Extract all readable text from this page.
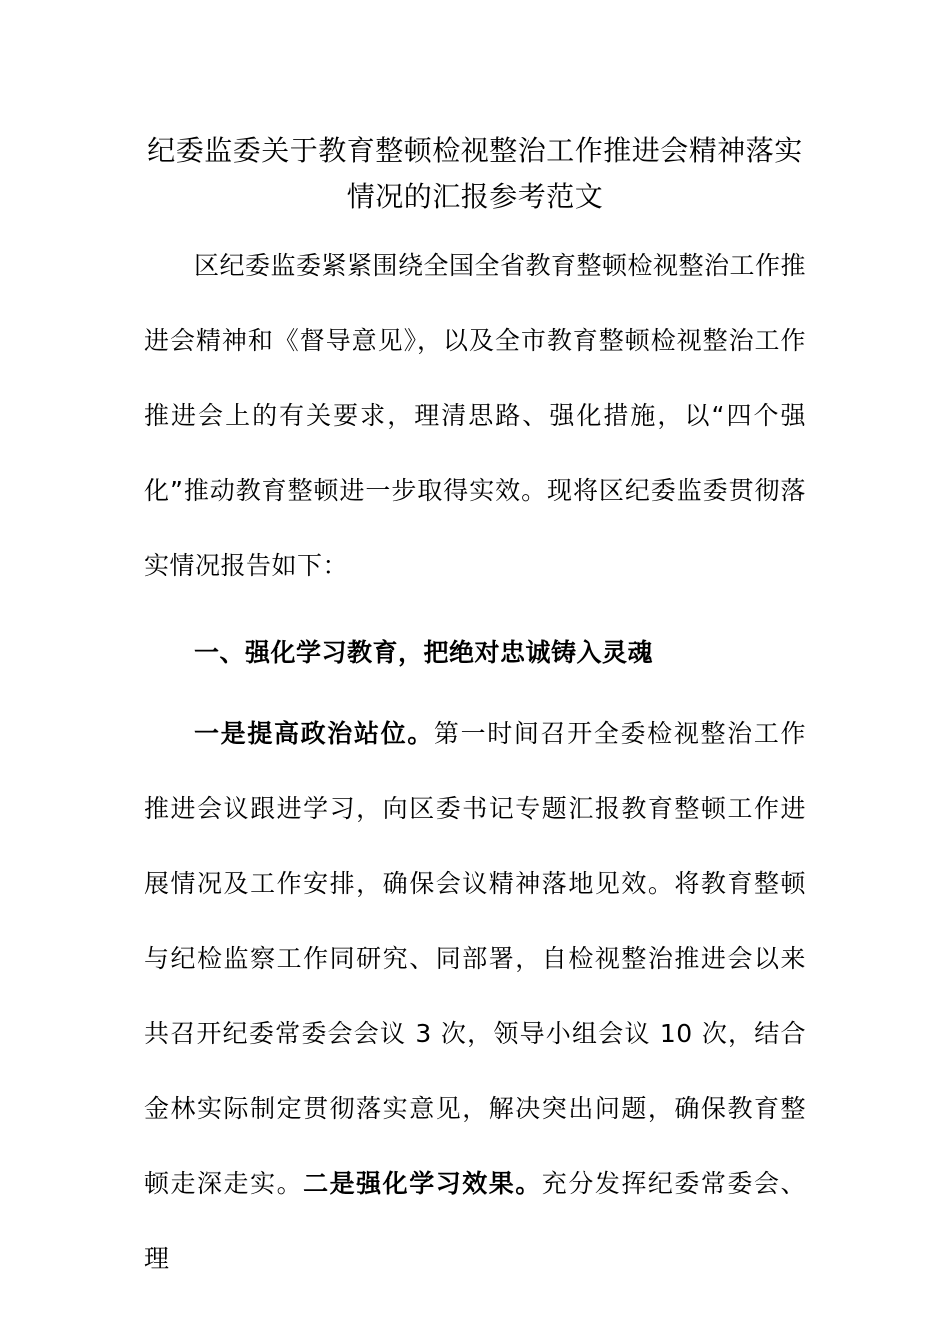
纪委监委关于教育整顿检视整治工作推进会精神落实情况的汇报参考范文

区纪委监委紧紧围绕全国全省教育整顿检视整治工作推进会精神和《督导意见》，以及全市教育整顿检视整治工作推进会上的有关要求，理清思路、强化措施，以“四个强化”推动教育整顿进一步取得实效。现将区纪委监委贯彻落实情况报告如下：

一、强化学习教育，把绝对忠诚铸入灵魂

一是提高政治站位。第一时间召开全委检视整治工作推进会议跟进学习，向区委书记专题汇报教育整顿工作进展情况及工作安排，确保会议精神落地见效。将教育整顿与纪检监察工作同研究、同部署，自检视整治推进会以来共召开纪委常委会会议 3 次，领导小组会议 10 次，结合金林实际制定贯彻落实意见，解决突出问题，确保教育整顿走深走实。二是强化学习效果。充分发挥纪委常委会、理
